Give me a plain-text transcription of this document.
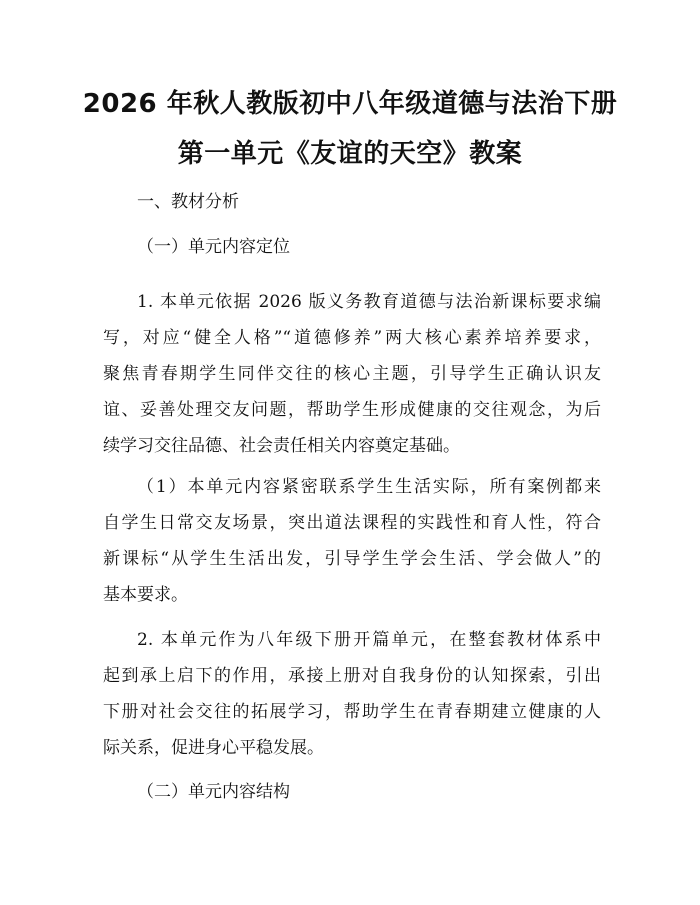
2026 年秋人教版初中八年级道德与法治下册
第一单元《友谊的天空》教案
一、教材分析
（一）单元内容定位
1. 本单元依据 2026 版义务教育道德与法治新课标要求编
写，对应“健全人格”“道德修养”两大核心素养培养要求，
聚焦青春期学生同伴交往的核心主题，引导学生正确认识友
谊、妥善处理交友问题，帮助学生形成健康的交往观念，为后
续学习交往品德、社会责任相关内容奠定基础。
（1）本单元内容紧密联系学生生活实际，所有案例都来
自学生日常交友场景，突出道法课程的实践性和育人性，符合
新课标“从学生生活出发，引导学生学会生活、学会做人”的
基本要求。
2. 本单元作为八年级下册开篇单元，在整套教材体系中
起到承上启下的作用，承接上册对自我身份的认知探索，引出
下册对社会交往的拓展学习，帮助学生在青春期建立健康的人
际关系，促进身心平稳发展。
（二）单元内容结构
